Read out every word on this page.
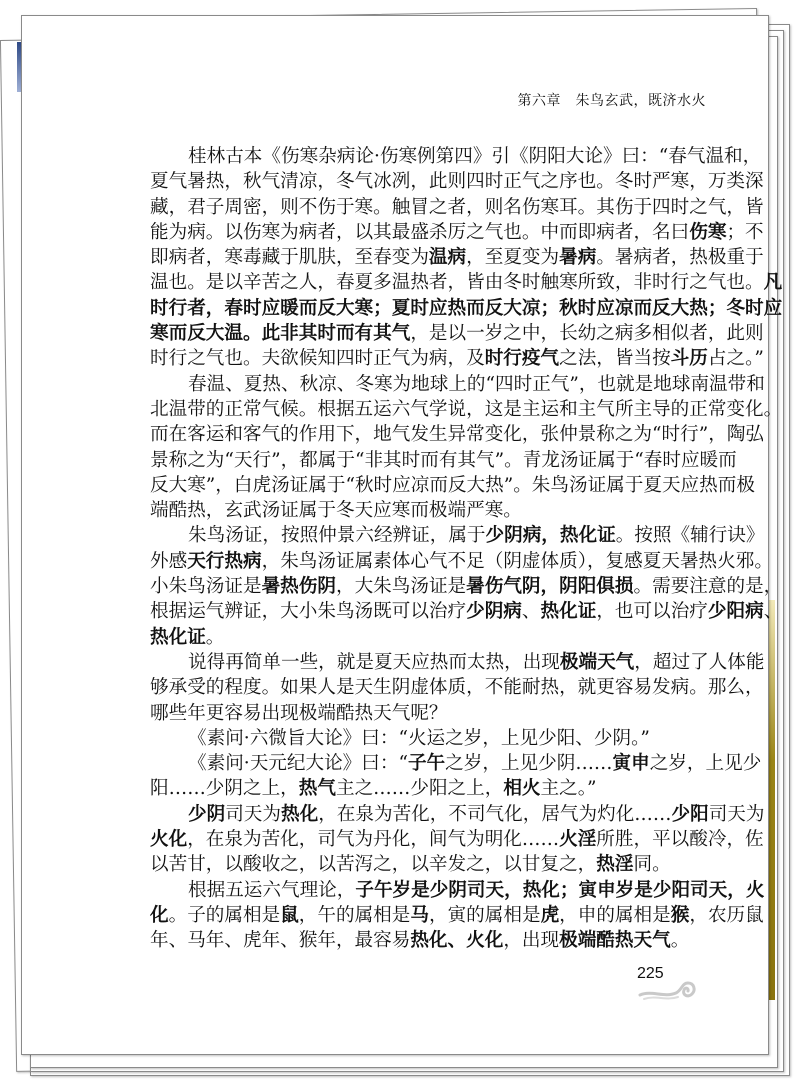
第六章　朱鸟玄武，既济水火
桂林古本《伤寒杂病论·伤寒例第四》引《阴阳大论》曰：“春气温和，
夏气暑热，秋气清凉，冬气冰冽，此则四时正气之序也。冬时严寒，万类深
藏，君子周密，则不伤于寒。触冒之者，则名伤寒耳。其伤于四时之气，皆
能为病。以伤寒为病者，以其最盛杀厉之气也。中而即病者，名曰伤寒；不
即病者，寒毒藏于肌肤，至春变为温病，至夏变为暑病。暑病者，热极重于
温也。是以辛苦之人，春夏多温热者，皆由冬时触寒所致，非时行之气也。凡
时行者，春时应暖而反大寒；夏时应热而反大凉；秋时应凉而反大热；冬时应
寒而反大温。此非其时而有其气，是以一岁之中，长幼之病多相似者，此则
时行之气也。夫欲候知四时正气为病，及时行疫气之法，皆当按斗历占之。”
春温、夏热、秋凉、冬寒为地球上的“四时正气”，也就是地球南温带和
北温带的正常气候。根据五运六气学说，这是主运和主气所主导的正常变化。
而在客运和客气的作用下，地气发生异常变化，张仲景称之为“时行”，陶弘
景称之为“天行”，都属于“非其时而有其气”。青龙汤证属于“春时应暖而
反大寒”，白虎汤证属于“秋时应凉而反大热”。朱鸟汤证属于夏天应热而极
端酷热，玄武汤证属于冬天应寒而极端严寒。
朱鸟汤证，按照仲景六经辨证，属于少阴病，热化证。按照《辅行诀》
外感天行热病，朱鸟汤证属素体心气不足（阴虚体质），复感夏天暑热火邪。
小朱鸟汤证是暑热伤阴，大朱鸟汤证是暑伤气阴，阴阳俱损。需要注意的是，
根据运气辨证，大小朱鸟汤既可以治疗少阴病、热化证，也可以治疗少阳病、
热化证。
说得再简单一些，就是夏天应热而太热，出现极端天气，超过了人体能
够承受的程度。如果人是天生阴虚体质，不能耐热，就更容易发病。那么，
哪些年更容易出现极端酷热天气呢？
《素问·六微旨大论》曰：“火运之岁，上见少阳、少阴。”
《素问·天元纪大论》曰：“子午之岁，上见少阴……寅申之岁，上见少
阳……少阴之上，热气主之……少阳之上，相火主之。”
少阴司天为热化，在泉为苦化，不司气化，居气为灼化……少阳司天为
火化，在泉为苦化，司气为丹化，间气为明化……火淫所胜，平以酸冷，佐
以苦甘，以酸收之，以苦泻之，以辛发之，以甘复之，热淫同。
根据五运六气理论，子午岁是少阴司天，热化；寅申岁是少阳司天，火
化。子的属相是鼠，午的属相是马，寅的属相是虎，申的属相是猴，农历鼠
年、马年、虎年、猴年，最容易热化、火化，出现极端酷热天气。
225
